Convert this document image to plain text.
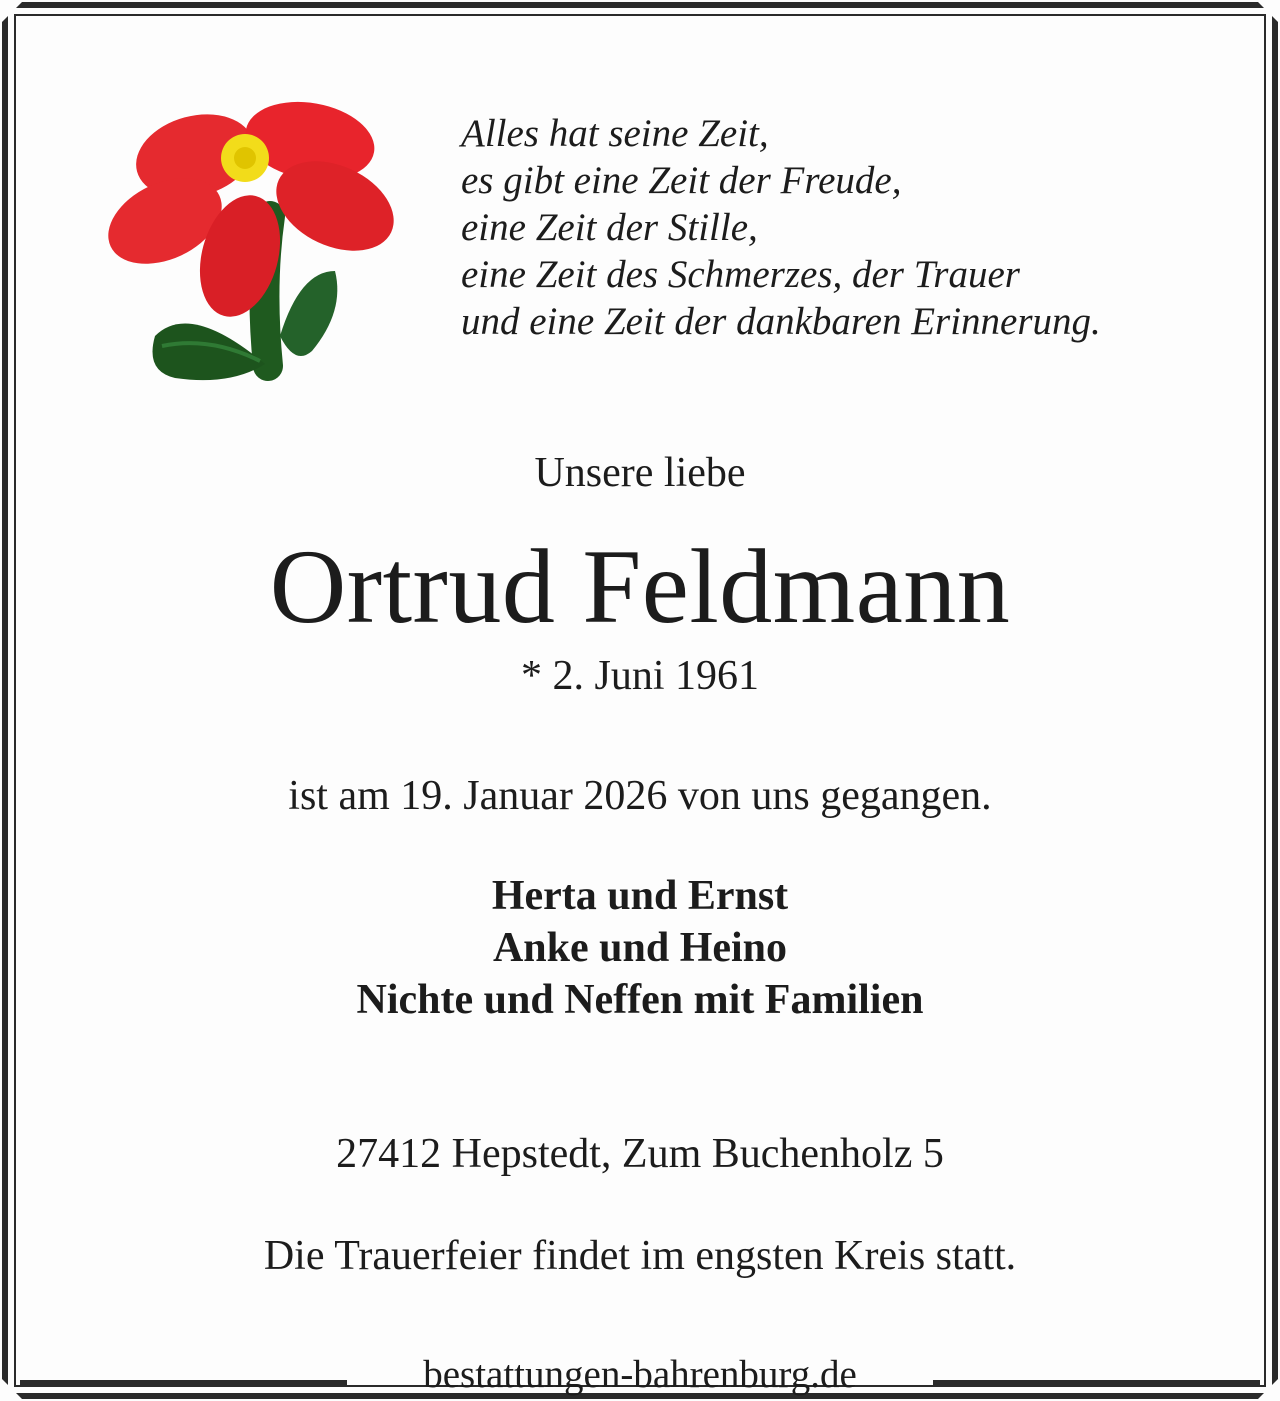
Alles hat seine Zeit,
es gibt eine Zeit der Freude,
eine Zeit der Stille,
eine Zeit des Schmerzes, der Trauer
und eine Zeit der dankbaren Erinnerung.

Unsere liebe

Ortrud Feldmann

* 2. Juni 1961

ist am 19. Januar 2026 von uns gegangen.

Herta und Ernst
Anke und Heino
Nichte und Neffen mit Familien

27412 Hepstedt, Zum Buchenholz 5

Die Trauerfeier findet im engsten Kreis statt.

bestattungen-bahrenburg.de
